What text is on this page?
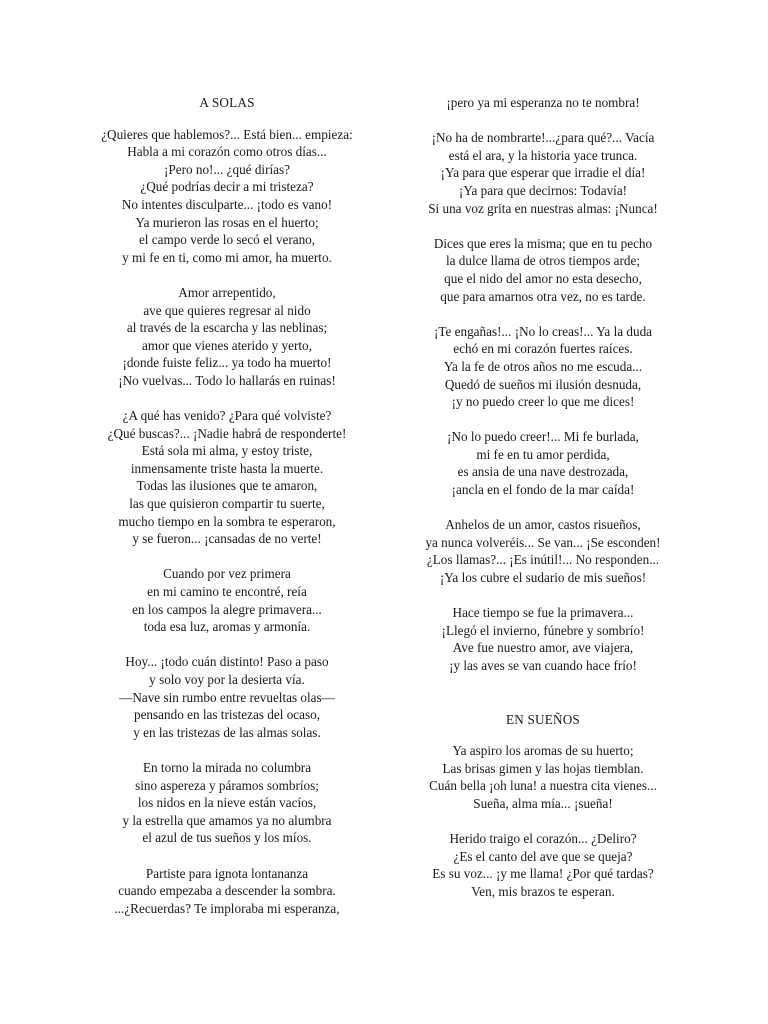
A SOLAS
¿Quieres que hablemos?... Está bien... empieza:
Habla a mi corazón como otros días...
¡Pero no!... ¿qué dirías?
¿Qué podrías decir a mi tristeza?
No intentes disculparte... ¡todo es vano!
Ya murieron las rosas en el huerto;
el campo verde lo secó el verano,
y mi fe en ti, como mi amor, ha muerto.
Amor arrepentido,
ave que quieres regresar al nido
al través de la escarcha y las neblinas;
amor que vienes aterido y yerto,
¡donde fuiste feliz... ya todo ha muerto!
¡No vuelvas... Todo lo hallarás en ruinas!
¿A qué has venido? ¿Para qué volviste?
¿Qué buscas?... ¡Nadie habrá de responderte!
Está sola mi alma, y estoy triste,
inmensamente triste hasta la muerte.
Todas las ilusiones que te amaron,
las que quisieron compartir tu suerte,
mucho tiempo en la sombra te esperaron,
y se fueron... ¡cansadas de no verte!
Cuando por vez primera
en mi camino te encontré, reía
en los campos la alegre primavera...
toda esa luz, aromas y armonía.
Hoy... ¡todo cuán distinto! Paso a paso
y solo voy por la desierta vía.
—Nave sin rumbo entre revueltas olas—
pensando en las tristezas del ocaso,
y en las tristezas de las almas solas.
En torno la mirada no columbra
sino aspereza y páramos sombríos;
los nidos en la nieve están vacíos,
y la estrella que amamos ya no alumbra
el azul de tus sueños y los míos.
Partiste para ignota lontananza
cuando empezaba a descender la sombra.
...¿Recuerdas? Te imploraba mi esperanza,
¡pero ya mi esperanza no te nombra!
¡No ha de nombrarte!...¿para qué?... Vacía
está el ara, y la historia yace trunca.
¡Ya para que esperar que irradie el día!
¡Ya para que decirnos: Todavía!
Si una voz grita en nuestras almas: ¡Nunca!
Dices que eres la misma; que en tu pecho
la dulce llama de otros tiempos arde;
que el nido del amor no esta desecho,
que para amarnos otra vez, no es tarde.
¡Te engañas!... ¡No lo creas!... Ya la duda
echó en mi corazón fuertes raíces.
Ya la fe de otros años no me escuda...
Quedó de sueños mi ilusión desnuda,
¡y no puedo creer lo que me dices!
¡No lo puedo creer!... Mi fe burlada,
mi fe en tu amor perdida,
es ansia de una nave destrozada,
¡ancla en el fondo de la mar caída!
Anhelos de un amor, castos risueños,
ya nunca volveréis... Se van... ¡Se esconden!
¿Los llamas?... ¡Es inútil!... No responden...
¡Ya los cubre el sudario de mis sueños!
Hace tiempo se fue la primavera...
¡Llegó el invierno, fúnebre y sombrío!
Ave fue nuestro amor, ave viajera,
¡y las aves se van cuando hace frío!
EN SUEÑOS
Ya aspiro los aromas de su huerto;
Las brisas gimen y las hojas tiemblan.
Cuán bella ¡oh luna! a nuestra cita vienes...
Sueña, alma mía... ¡sueña!
Herido traigo el corazón... ¿Deliro?
¿Es el canto del ave que se queja?
Es su voz... ¡y me llama! ¿Por qué tardas?
Ven, mis brazos te esperan.
